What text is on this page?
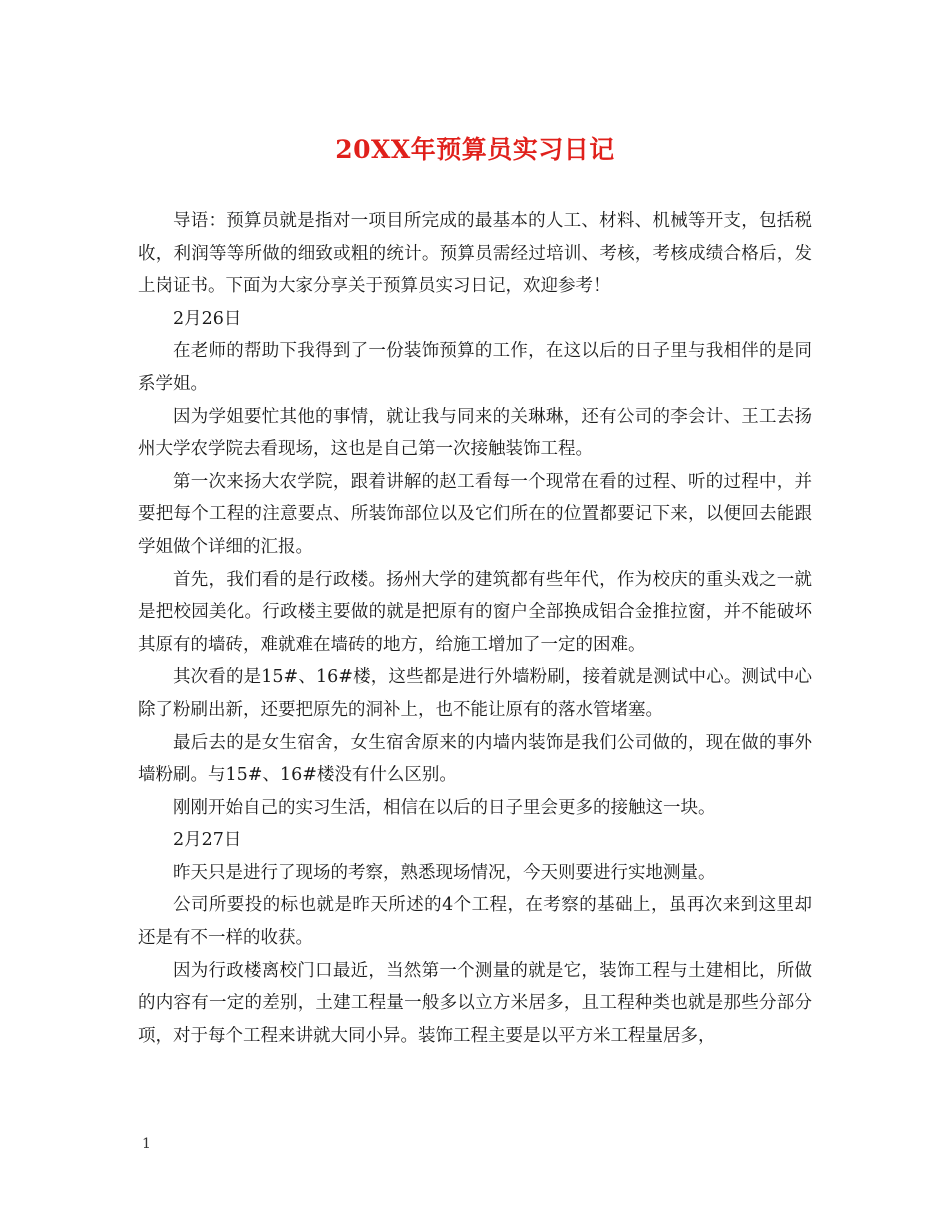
20XX年预算员实习日记

导语：预算员就是指对一项目所完成的最基本的人工、材料、机械等开支，包括税收，利润等等所做的细致或粗的统计。预算员需经过培训、考核，考核成绩合格后，发上岗证书。下面为大家分享关于预算员实习日记，欢迎参考！

2月26日

在老师的帮助下我得到了一份装饰预算的工作，在这以后的日子里与我相伴的是同系学姐。

因为学姐要忙其他的事情，就让我与同来的关琳琳，还有公司的李会计、王工去扬州大学农学院去看现场，这也是自己第一次接触装饰工程。

第一次来扬大农学院，跟着讲解的赵工看每一个现常在看的过程、听的过程中，并要把每个工程的注意要点、所装饰部位以及它们所在的位置都要记下来，以便回去能跟学姐做个详细的汇报。

首先，我们看的是行政楼。扬州大学的建筑都有些年代，作为校庆的重头戏之一就是把校园美化。行政楼主要做的就是把原有的窗户全部换成铝合金推拉窗，并不能破坏其原有的墙砖，难就难在墙砖的地方，给施工增加了一定的困难。

其次看的是15#、16#楼，这些都是进行外墙粉刷，接着就是测试中心。测试中心除了粉刷出新，还要把原先的洞补上，也不能让原有的落水管堵塞。

最后去的是女生宿舍，女生宿舍原来的内墙内装饰是我们公司做的，现在做的事外墙粉刷。与15#、16#楼没有什么区别。

刚刚开始自己的实习生活，相信在以后的日子里会更多的接触这一块。

2月27日

昨天只是进行了现场的考察，熟悉现场情况，今天则要进行实地测量。

公司所要投的标也就是昨天所述的4个工程，在考察的基础上，虽再次来到这里却还是有不一样的收获。

因为行政楼离校门口最近，当然第一个测量的就是它，装饰工程与土建相比，所做的内容有一定的差别，土建工程量一般多以立方米居多，且工程种类也就是那些分部分项，对于每个工程来讲就大同小异。装饰工程主要是以平方米工程量居多，

1
